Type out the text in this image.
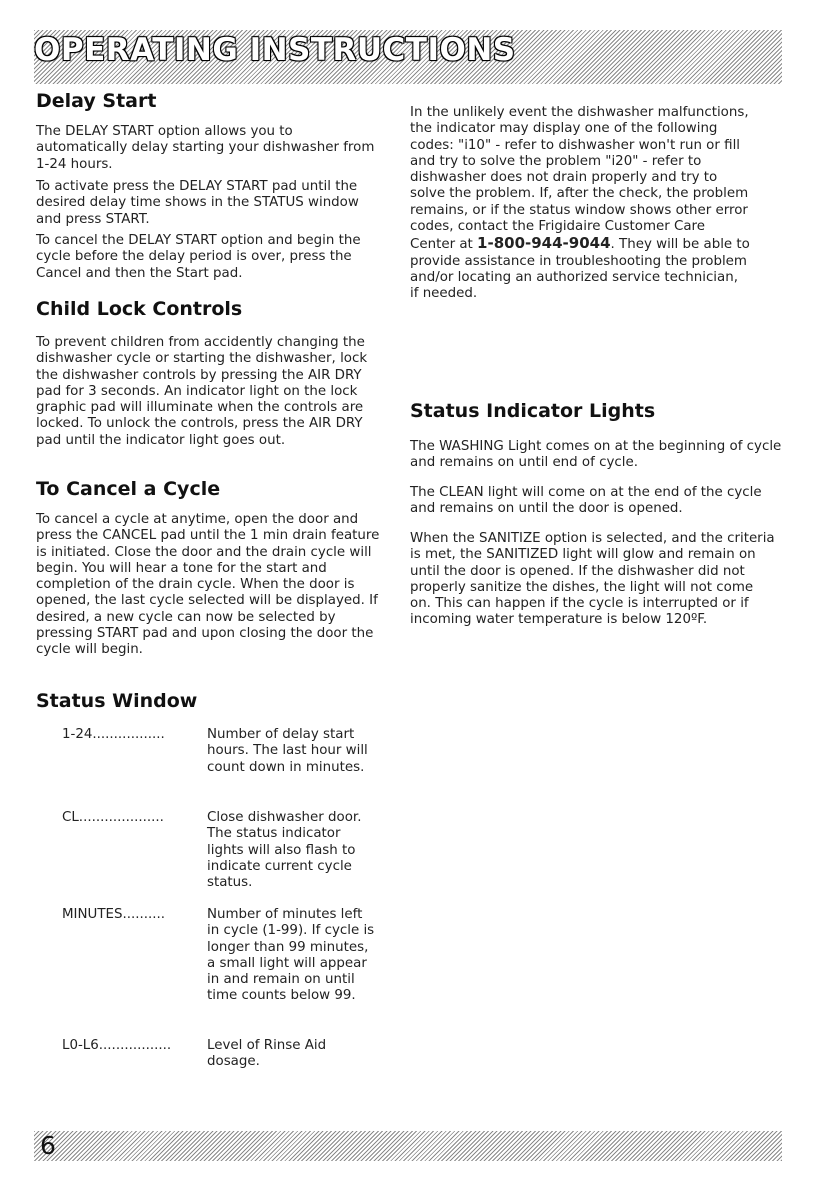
OPERATING INSTRUCTIONS
Delay Start

The DELAY START option allows you to automatically delay starting your dishwasher from 1-24 hours.

To activate press the DELAY START pad until the desired delay time shows in the STATUS window and press START.

To cancel the DELAY START option and begin the cycle before the delay period is over, press the Cancel and then the Start pad.

Child Lock Controls

To prevent children from accidently changing the dishwasher cycle or starting the dishwasher, lock the dishwasher controls by pressing the AIR DRY pad for 3 seconds. An indicator light on the lock graphic pad will illuminate when the controls are locked. To unlock the controls, press the AIR DRY pad until the indicator light goes out.

To Cancel a Cycle

To cancel a cycle at anytime, open the door and press the CANCEL pad until the 1 min drain feature is initiated. Close the door and the drain cycle will begin. You will hear a tone for the start and completion of the drain cycle. When the door is opened, the last cycle selected will be displayed. If desired, a new cycle can now be selected by pressing START pad and upon closing the door the cycle will begin.

In the unlikely event the dishwasher malfunctions, the indicator may display one of the following codes: "i10" - refer to dishwasher won't run or fill and try to solve the problem "i20" - refer to dishwasher does not drain properly and try to solve the problem. If, after the check, the problem remains, or if the status window shows other error codes, contact the Frigidaire Customer Care Center at 1-800-944-9044. They will be able to provide assistance in troubleshooting the problem and/or locating an authorized service technician, if needed.

Status Indicator Lights

The WASHING Light comes on at the beginning of cycle and remains on until end of cycle.

The CLEAN light will come on at the end of the cycle and remains on until the door is opened.

When the SANITIZE option is selected, and the criteria is met, the SANITIZED light will glow and remain on until the door is opened. If the dishwasher did not properly sanitize the dishes, the light will not come on. This can happen if the cycle is interrupted or if incoming water temperature is below 120ºF.

Status Window
1-24.................	Number of delay start hours. The last hour will count down in minutes.
CL....................	Close dishwasher door. The status indicator lights will also flash to indicate current cycle status.
MINUTES..........	Number of minutes left in cycle (1-99). If cycle is longer than 99 minutes, a small light will appear in and remain on until time counts below 99.
L0-L6.................	Level of Rinse Aid dosage.
6
